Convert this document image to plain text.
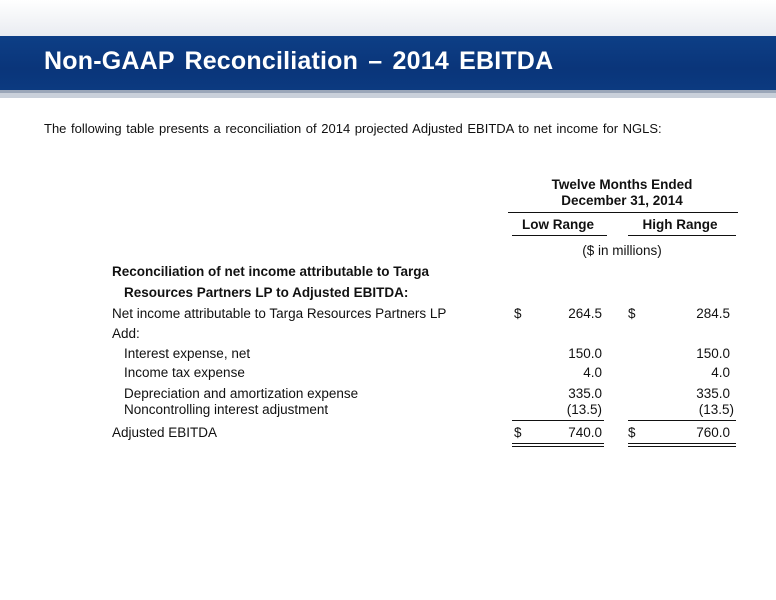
Non-GAAP Reconciliation – 2014 EBITDA
The following table presents a reconciliation of 2014 projected Adjusted EBITDA to net income for NGLS:
Twelve Months Ended
December 31, 2014
Low Range	High Range
($ in millions)
Reconciliation of net income attributable to Targa
Resources Partners LP to Adjusted EBITDA:
Net income attributable to Targa Resources Partners LP	$	264.5 $	284.5
Add:
Interest expense, net	150.0	150.0
Income tax expense	4.0	4.0
Depreciation and amortization expense	335.0	335.0
Noncontrolling interest adjustment	(13.5)	(13.5)
Adjusted EBITDA	$	740.0 $	760.0
